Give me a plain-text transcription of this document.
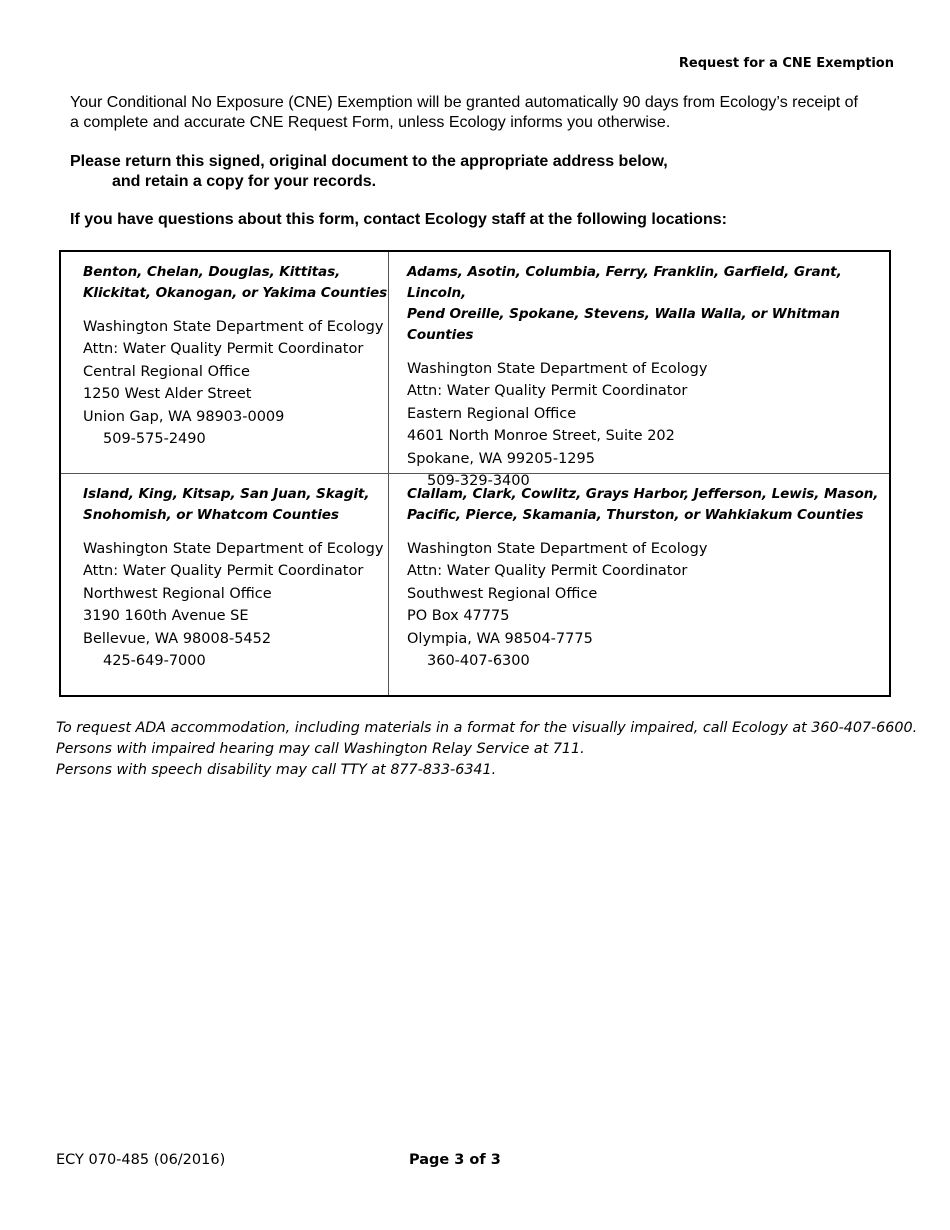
Request for a CNE Exemption
Your Conditional No Exposure (CNE) Exemption will be granted automatically 90 days from Ecology’s receipt of a complete and accurate CNE Request Form, unless Ecology informs you otherwise.
Please return this signed, original document to the appropriate address below,
and retain a copy for your records.
If you have questions about this form, contact Ecology staff at the following locations:
Benton, Chelan, Douglas, Kittitas,
Klickitat, Okanogan, or Yakima Counties
Washington State Department of Ecology
Attn: Water Quality Permit Coordinator
Central Regional Office
1250 West Alder Street
Union Gap, WA 98903-0009
509-575-2490
Adams, Asotin, Columbia, Ferry, Franklin, Garfield, Grant, Lincoln,
Pend Oreille, Spokane, Stevens, Walla Walla, or Whitman Counties
Washington State Department of Ecology
Attn: Water Quality Permit Coordinator
Eastern Regional Office
4601 North Monroe Street, Suite 202
Spokane, WA 99205-1295
509-329-3400
Island, King, Kitsap, San Juan, Skagit,
Snohomish, or Whatcom Counties
Washington State Department of Ecology
Attn: Water Quality Permit Coordinator
Northwest Regional Office
3190 160th Avenue SE
Bellevue, WA 98008-5452
425-649-7000
Clallam, Clark, Cowlitz, Grays Harbor, Jefferson, Lewis, Mason,
Pacific, Pierce, Skamania, Thurston, or Wahkiakum Counties
Washington State Department of Ecology
Attn: Water Quality Permit Coordinator
Southwest Regional Office
PO Box 47775
Olympia, WA 98504-7775
360-407-6300
To request ADA accommodation, including materials in a format for the visually impaired, call Ecology at 360-407-6600.
Persons with impaired hearing may call Washington Relay Service at 711.
Persons with speech disability may call TTY at 877-833-6341.
ECY 070-485 (06/2016)	Page 3 of 3
